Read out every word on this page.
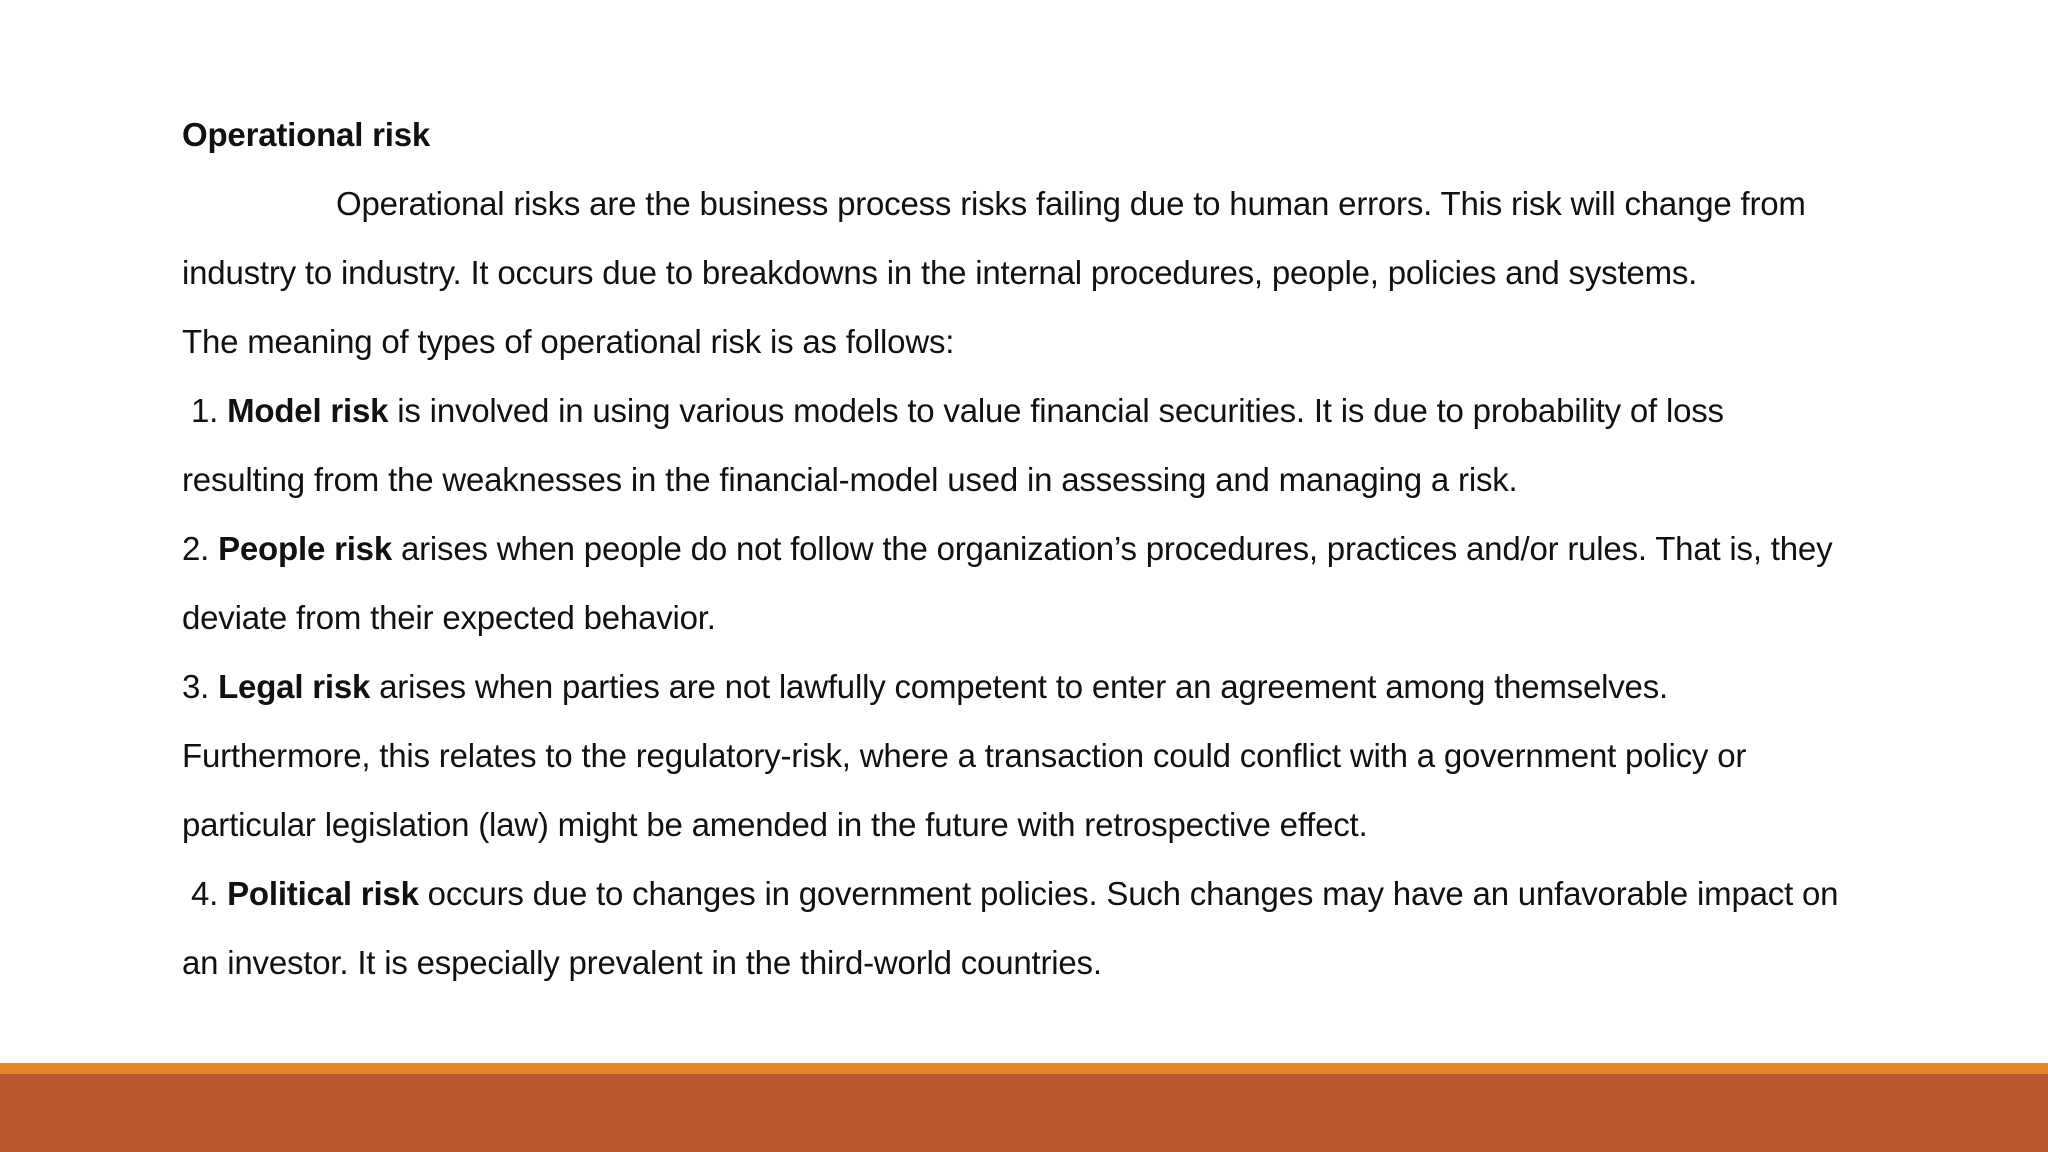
Operational risk
Operational risks are the business process risks failing due to human errors. This risk will change from
industry to industry. It occurs due to breakdowns in the internal procedures, people, policies and systems.
The meaning of types of operational risk is as follows:
1. Model risk is involved in using various models to value financial securities. It is due to probability of loss
resulting from the weaknesses in the financial-model used in assessing and managing a risk.
2. People risk arises when people do not follow the organization’s procedures, practices and/or rules. That is, they
deviate from their expected behavior.
3. Legal risk arises when parties are not lawfully competent to enter an agreement among themselves.
Furthermore, this relates to the regulatory-risk, where a transaction could conflict with a government policy or
particular legislation (law) might be amended in the future with retrospective effect.
4. Political risk occurs due to changes in government policies. Such changes may have an unfavorable impact on
an investor. It is especially prevalent in the third-world countries.
